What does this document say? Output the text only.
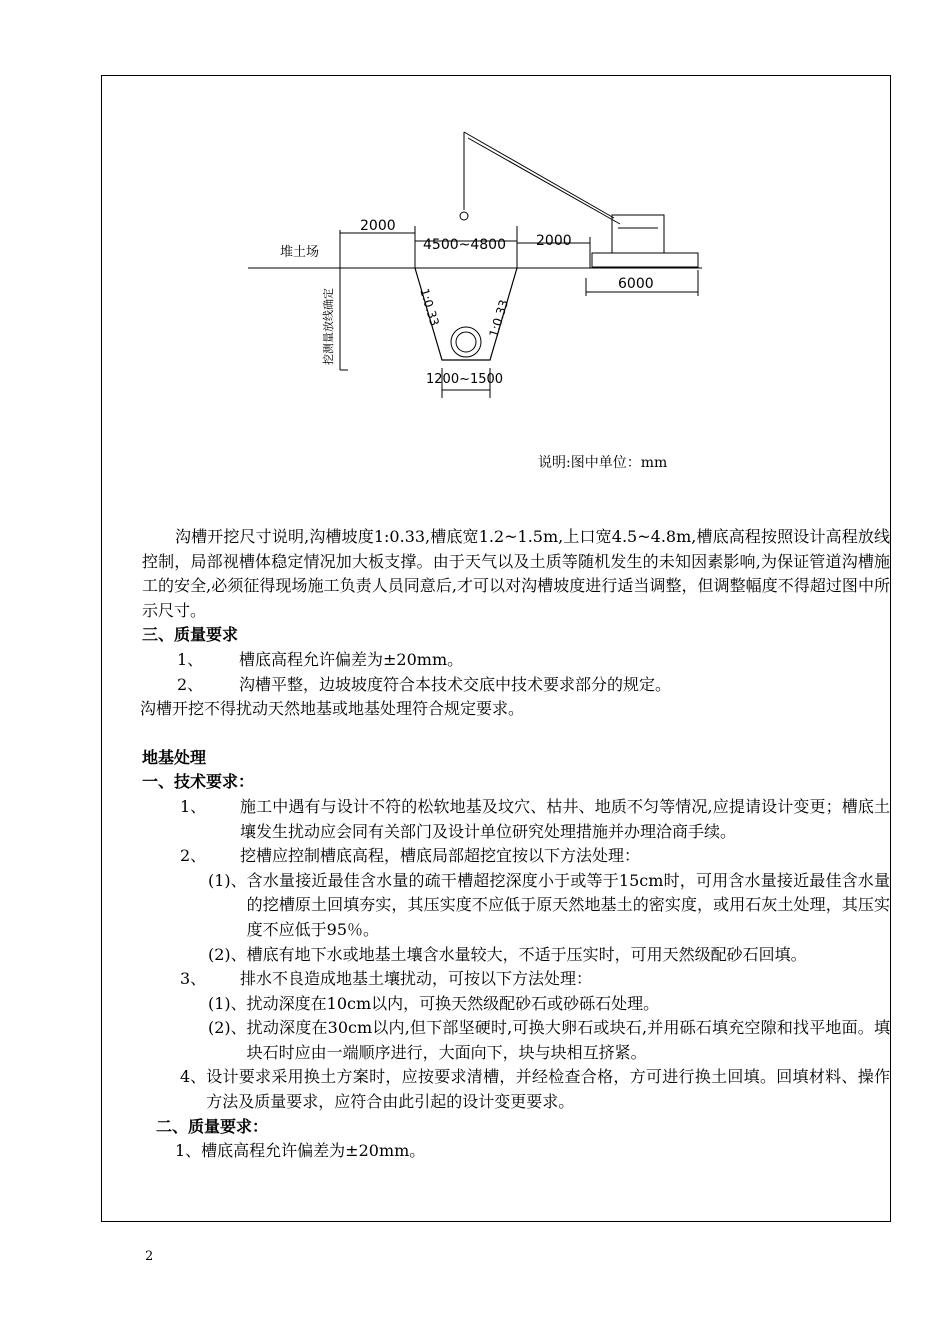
堆土场
2000
4500~4800 2000
6000
1200~1500
1:0.33	1:0.33
挖测量放线确定
说明:图中单位：mm

沟槽开挖尺寸说明,沟槽坡度1:0.33,槽底宽1.2~1.5m,上口宽4.5~4.8m,槽底高程按照设计高程放线控制，局部视槽体稳定情况加大板支撑。由于天气以及土质等随机发生的未知因素影响,为保证管道沟槽施工的安全,必须征得现场施工负责人员同意后,才可以对沟槽坡度进行适当调整，但调整幅度不得超过图中所示尺寸。

三、质量要求

1、	槽底高程允许偏差为±20mm。
2、	沟槽平整，边坡坡度符合本技术交底中技术要求部分的规定。

沟槽开挖不得扰动天然地基或地基处理符合规定要求。

地基处理

一、技术要求：

1、	施工中遇有与设计不符的松软地基及坟穴、枯井、地质不匀等情况,应提请设计变更；槽底土壤发生扰动应会同有关部门及设计单位研究处理措施并办理洽商手续。
2、	挖槽应控制槽底高程，槽底局部超挖宜按以下方法处理：
(1)、 含水量接近最佳含水量的疏干槽超挖深度小于或等于15cm时，可用含水量接近最佳含水量的挖槽原土回填夯实，其压实度不应低于原天然地基土的密实度，或用石灰土处理，其压实度不应低于95％。
(2)、 槽底有地下水或地基土壤含水量较大，不适于压实时，可用天然级配砂石回填。
3、	排水不良造成地基土壤扰动，可按以下方法处理：
(1)、 扰动深度在10cm以内，可换天然级配砂石或砂砾石处理。
(2)、 扰动深度在30cm以内,但下部坚硬时,可换大卵石或块石,并用砾石填充空隙和找平地面。填块石时应由一端顺序进行，大面向下，块与块相互挤紧。
4、 设计要求采用换土方案时，应按要求清槽，并经检查合格，方可进行换土回填。回填材料、操作方法及质量要求，应符合由此引起的设计变更要求。

二、质量要求：

1、槽底高程允许偏差为±20mm。

2
